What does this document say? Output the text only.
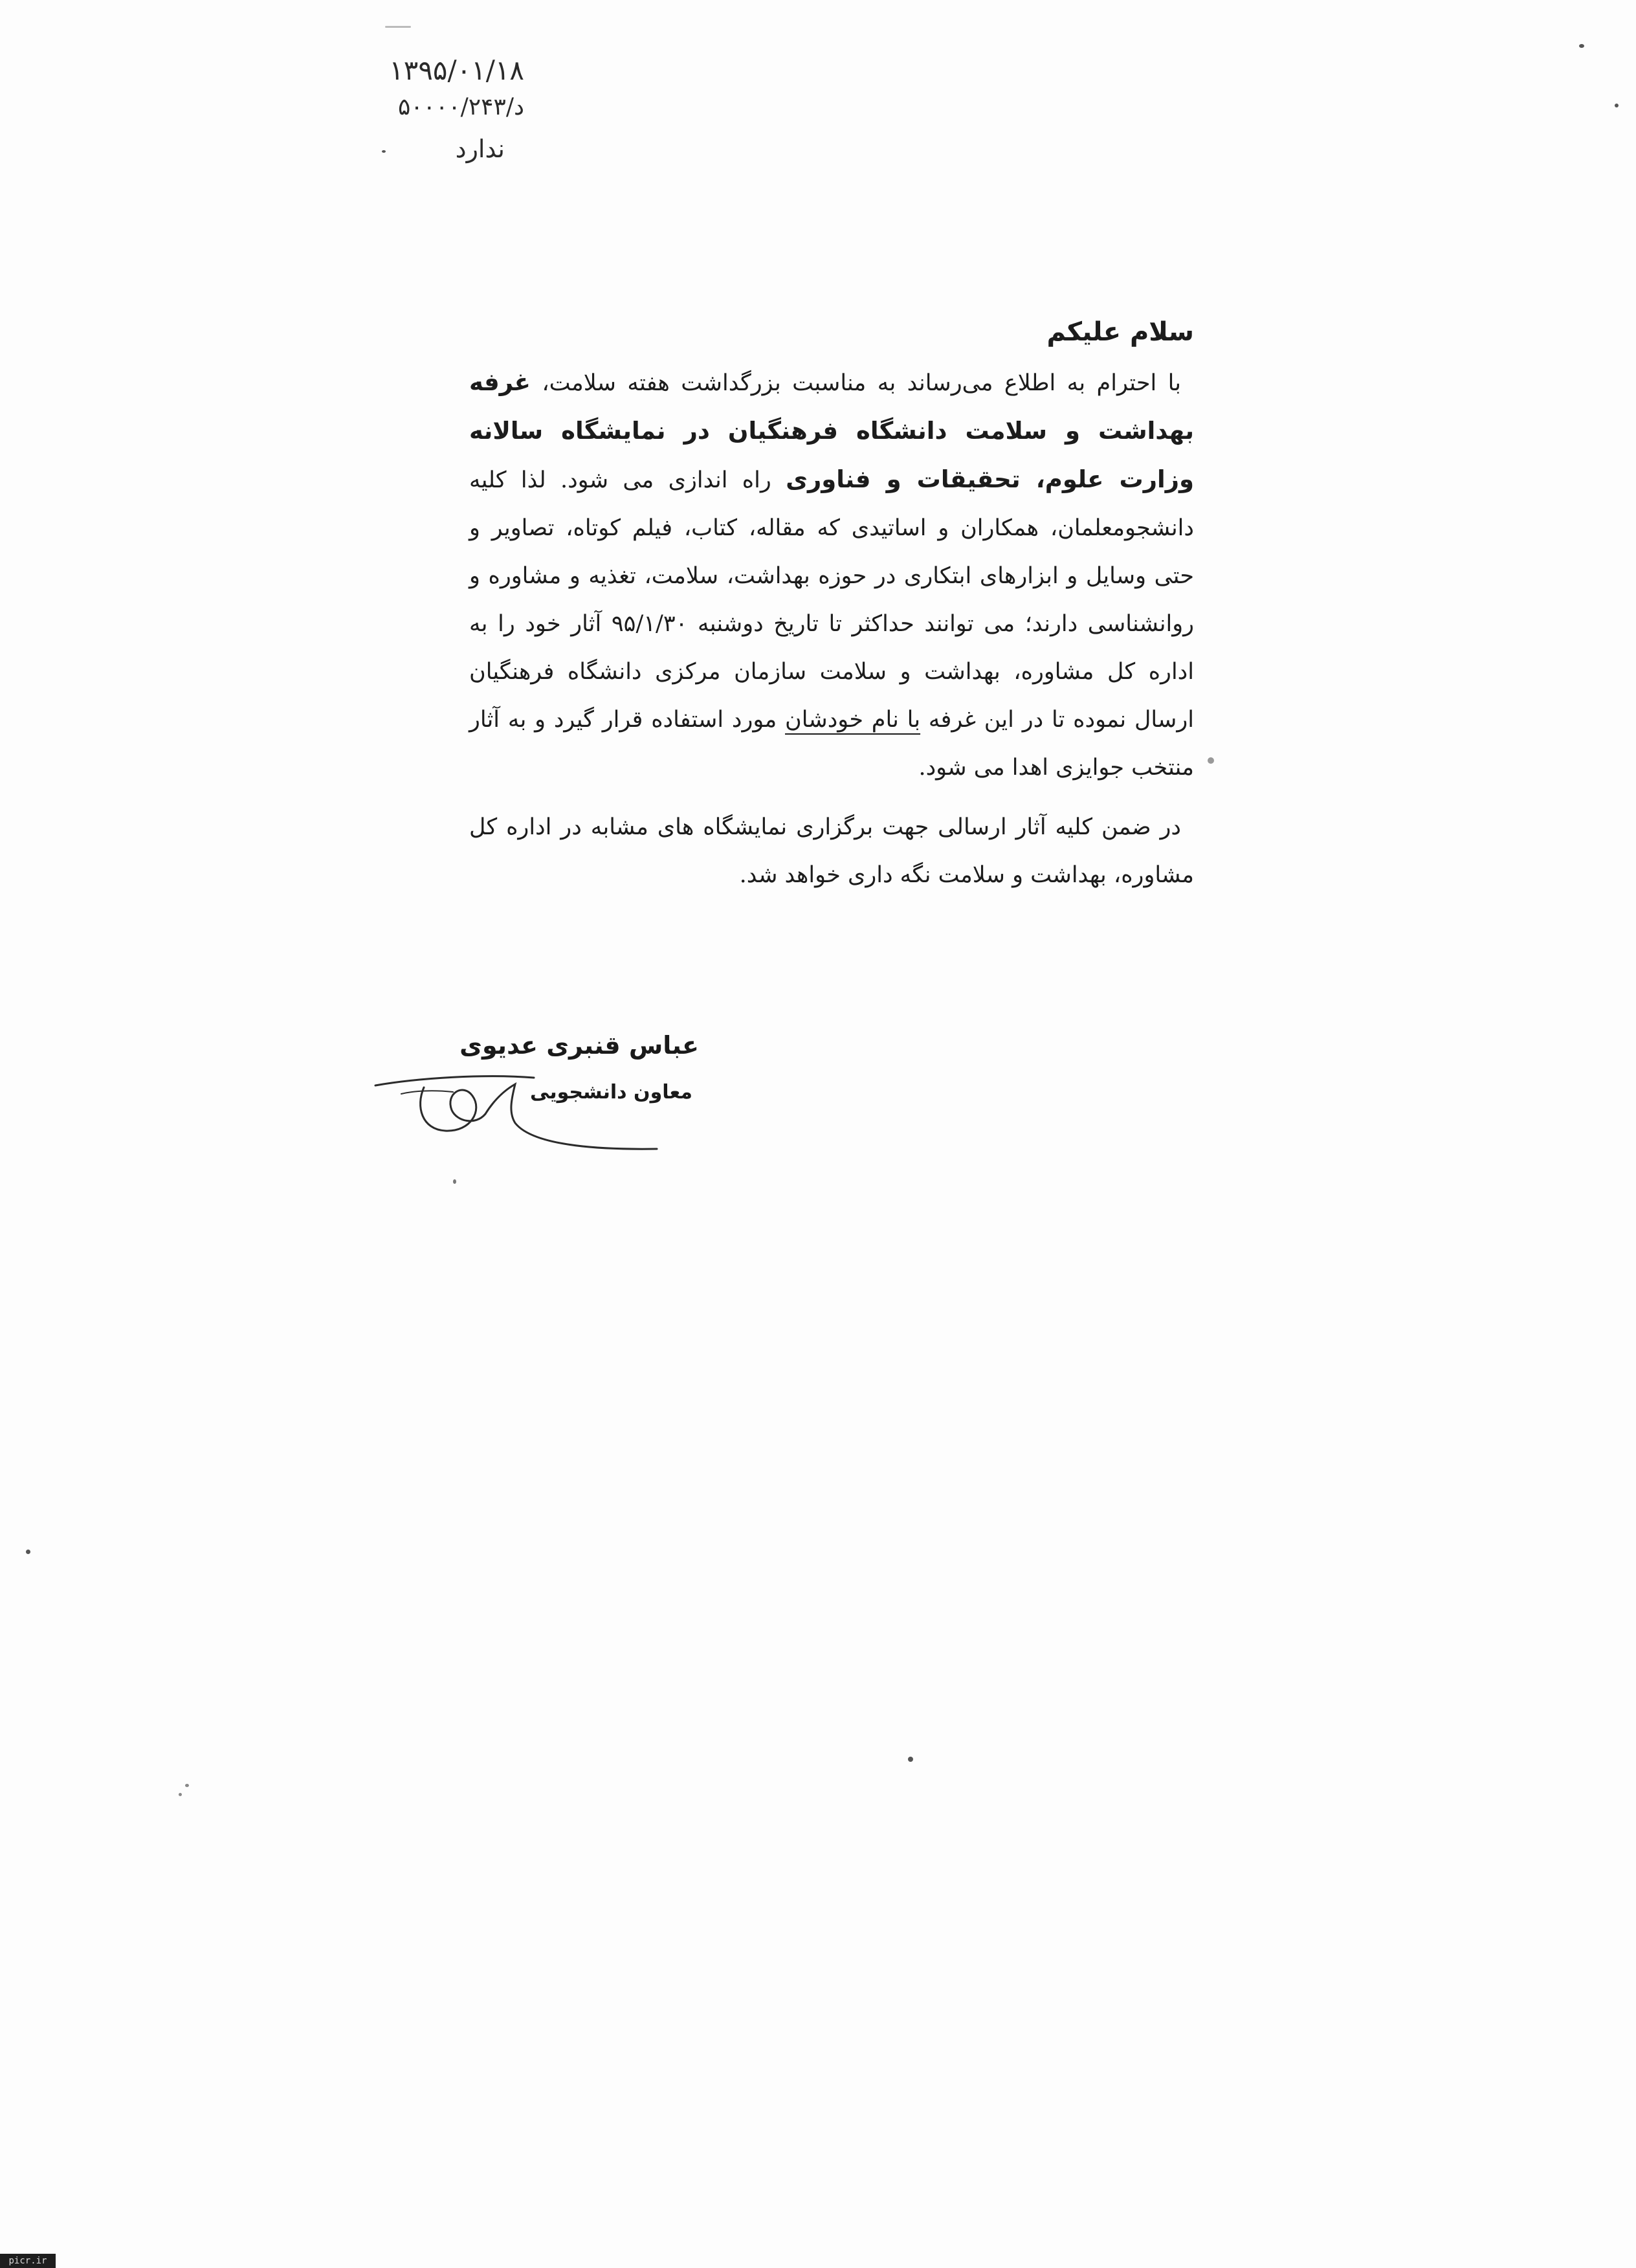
۱۳۹۵/۰۱/۱۸
د/۵۰۰۰۰/۲۴۳
ندارد
سلام علیکم

با احترام به اطلاع می‌رساند به مناسبت بزرگداشت هفته سلامت، غرفه بهداشت و سلامت دانشگاه فرهنگیان در نمایشگاه سالانه وزارت علوم، تحقیقات و فناوری راه اندازی می شود. لذا کلیه دانشجومعلمان، همکاران و اساتیدی که مقاله، کتاب، فیلم کوتاه، تصاویر و حتی وسایل و ابزارهای ابتکاری در حوزه بهداشت، سلامت، تغذیه و مشاوره و روانشناسی دارند؛ می توانند حداکثر تا تاریخ دوشنبه ۹۵/۱/۳۰ آثار خود را به اداره کل مشاوره، بهداشت و سلامت سازمان مرکزی دانشگاه فرهنگیان ارسال نموده تا در این غرفه با نام خودشان مورد استفاده قرار گیرد و به آثار منتخب جوایزی اهدا می شود.

در ضمن کلیه آثار ارسالی جهت برگزاری نمایشگاه های مشابه در اداره کل مشاوره، بهداشت و سلامت نگه داری خواهد شد.

عباس قنبری عدیوی
معاون دانشجویی
picr.ir
